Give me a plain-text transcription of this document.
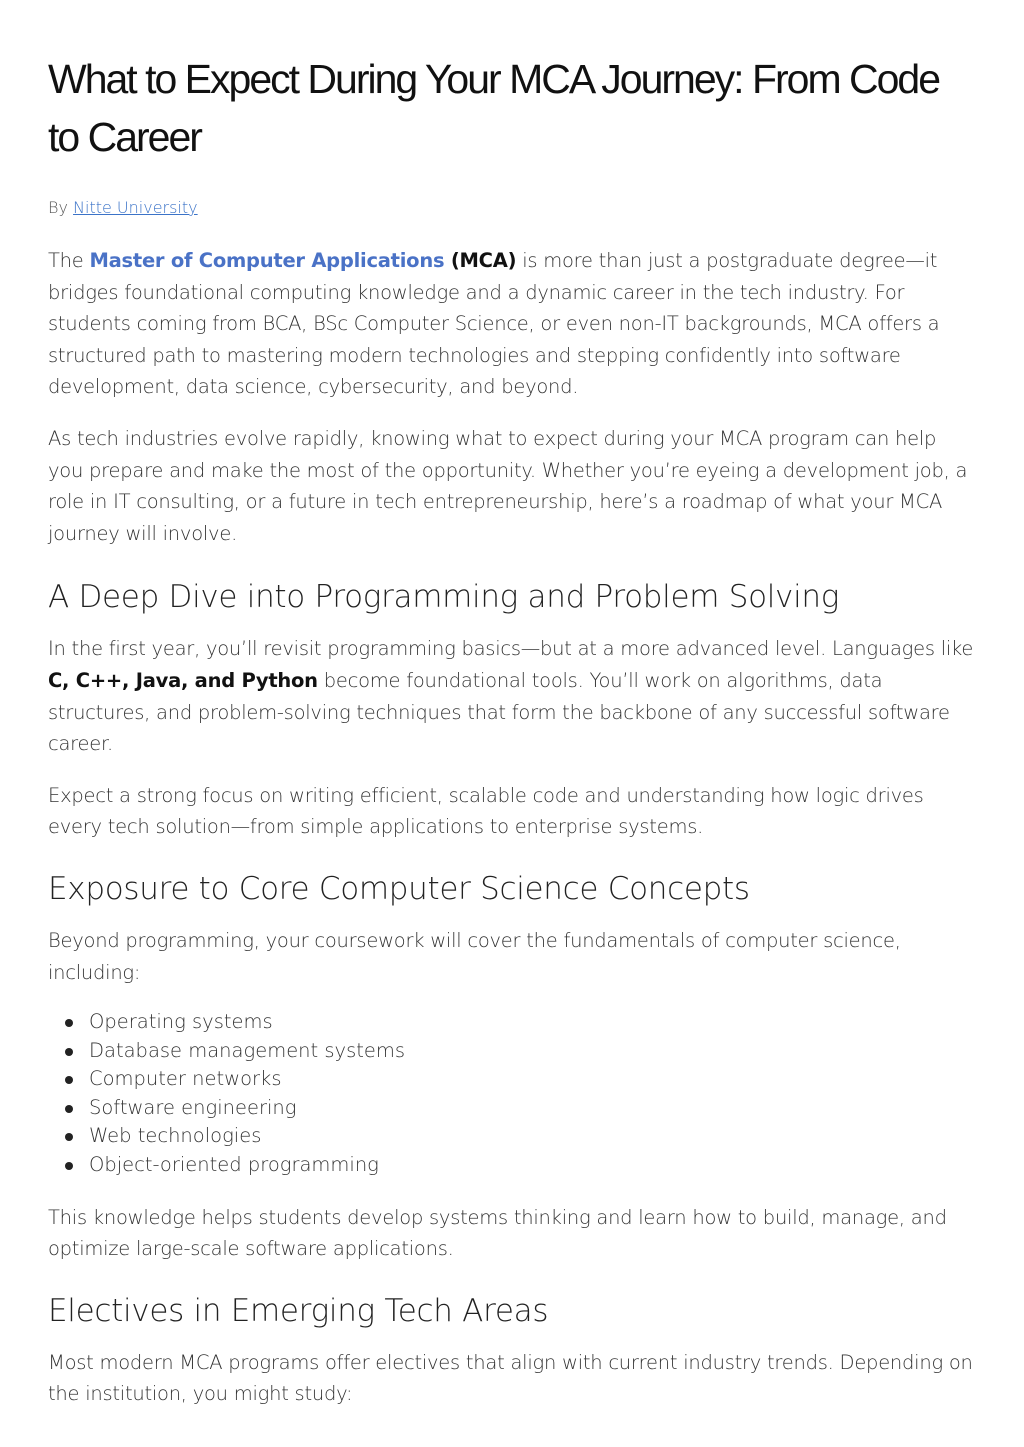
What to Expect During Your MCA Journey: From Code to Career
By Nitte University

The Master of Computer Applications (MCA) is more than just a postgraduate degree—it bridges foundational computing knowledge and a dynamic career in the tech industry. For students coming from BCA, BSc Computer Science, or even non-IT backgrounds, MCA offers a structured path to mastering modern technologies and stepping confidently into software development, data science, cybersecurity, and beyond.

As tech industries evolve rapidly, knowing what to expect during your MCA program can help you prepare and make the most of the opportunity. Whether you’re eyeing a development job, a role in IT consulting, or a future in tech entrepreneurship, here’s a roadmap of what your MCA journey will involve.

A Deep Dive into Programming and Problem Solving

In the first year, you’ll revisit programming basics—but at a more advanced level. Languages like C, C++, Java, and Python become foundational tools. You’ll work on algorithms, data structures, and problem-solving techniques that form the backbone of any successful software career.

Expect a strong focus on writing efficient, scalable code and understanding how logic drives every tech solution—from simple applications to enterprise systems.

Exposure to Core Computer Science Concepts

Beyond programming, your coursework will cover the fundamentals of computer science, including:

Operating systems
Database management systems
Computer networks
Software engineering
Web technologies
Object-oriented programming

This knowledge helps students develop systems thinking and learn how to build, manage, and optimize large-scale software applications.

Electives in Emerging Tech Areas

Most modern MCA programs offer electives that align with current industry trends. Depending on the institution, you might study:
